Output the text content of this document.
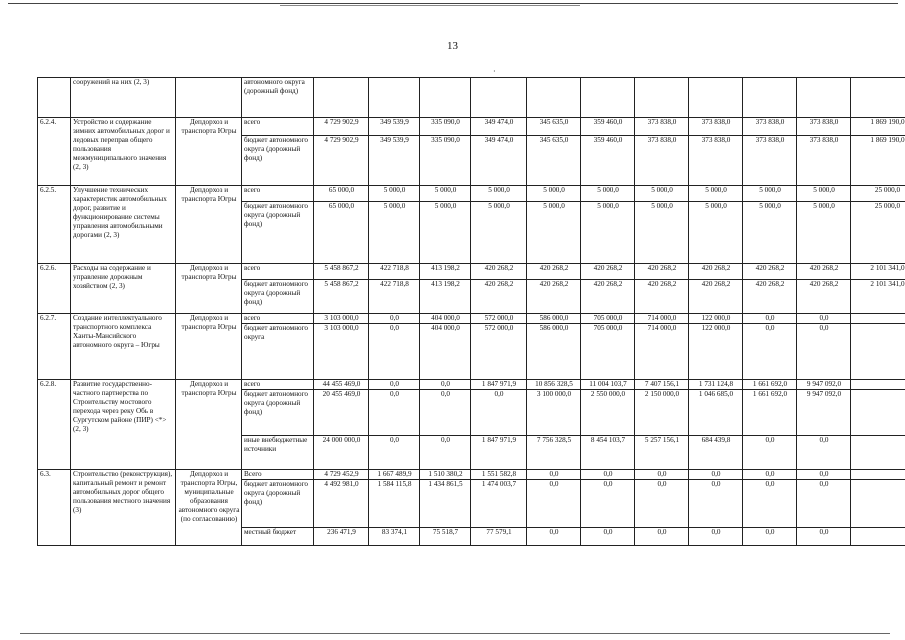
13
·
	сооружений на них (2, 3)		автономного округа (дорожный фонд)											
6.2.4.	Устройство и содержание зимних автомобильных дорог и ледовых переправ общего пользования межмуниципального значения (2, 3)	Депдорхоз и транспорта Югры	всего	4 729 902,9	349 539,9	335 090,0	349 474,0	345 635,0	359 460,0	373 838,0	373 838,0	373 838,0	373 838,0	1 869 190,0
			бюджет автономного округа (дорожный фонд)	4 729 902,9	349 539,9	335 090,0	349 474,0	345 635,0	359 460,0	373 838,0	373 838,0	373 838,0	373 838,0	1 869 190,0
6.2.5.	Улучшение технических характеристик автомобильных дорог, развитие и функционирование системы управления автомобильными дорогами (2, 3)	Депдорхоз и транспорта Югры	всего	65 000,0	5 000,0	5 000,0	5 000,0	5 000,0	5 000,0	5 000,0	5 000,0	5 000,0	5 000,0	25 000,0
			бюджет автономного округа (дорожный фонд)	65 000,0	5 000,0	5 000,0	5 000,0	5 000,0	5 000,0	5 000,0	5 000,0	5 000,0	5 000,0	25 000,0
6.2.6.	Расходы на содержание и управление дорожным хозяйством (2, 3)	Депдорхоз и транспорта Югры	всего	5 458 867,2	422 718,8	413 198,2	420 268,2	420 268,2	420 268,2	420 268,2	420 268,2	420 268,2	420 268,2	2 101 341,0
			бюджет автономного округа (дорожный фонд)	5 458 867,2	422 718,8	413 198,2	420 268,2	420 268,2	420 268,2	420 268,2	420 268,2	420 268,2	420 268,2	2 101 341,0
6.2.7.	Создание интеллектуального транспортного комплекса Ханты-Мансийского автономного округа – Югры	Депдорхоз и транспорта Югры	всего	3 103 000,0	0,0	404 000,0	572 000,0	586 000,0	705 000,0	714 000,0	122 000,0	0,0	0,0	
			бюджет автономного округа	3 103 000,0	0,0	404 000,0	572 000,0	586 000,0	705 000,0	714 000,0	122 000,0	0,0	0,0	
6.2.8.	Развитие государственно-частного партнерства по Строительству мостового перехода через реку Обь в Сургутском районе (ПИР) <*> (2, 3)	Депдорхоз и транспорта Югры	всего	44 455 469,0	0,0	0,0	1 847 971,9	10 856 328,5	11 004 103,7	7 407 156,1	1 731 124,8	1 661 692,0	9 947 092,0	
			бюджет автономного округа (дорожный фонд)	20 455 469,0	0,0	0,0	0,0	3 100 000,0	2 550 000,0	2 150 000,0	1 046 685,0	1 661 692,0	9 947 092,0	
			иные внебюджетные источники	24 000 000,0	0,0	0,0	1 847 971,9	7 756 328,5	8 454 103,7	5 257 156,1	684 439,8	0,0	0,0	
6.3.	Строительство (реконструкция), капитальный ремонт и ремонт автомобильных дорог общего пользования местного значения (3)	Депдорхоз и транспорта Югры, муниципальные образования автономного округа (по согласованию)	Всего	4 729 452,9	1 667 489,9	1 510 380,2	1 551 582,8	0,0	0,0	0,0	0,0	0,0	0,0	
			бюджет автономного округа (дорожный фонд)	4 492 981,0	1 584 115,8	1 434 861,5	1 474 003,7	0,0	0,0	0,0	0,0	0,0	0,0	
			местный бюджет	236 471,9	83 374,1	75 518,7	77 579,1	0,0	0,0	0,0	0,0	0,0	0,0	
